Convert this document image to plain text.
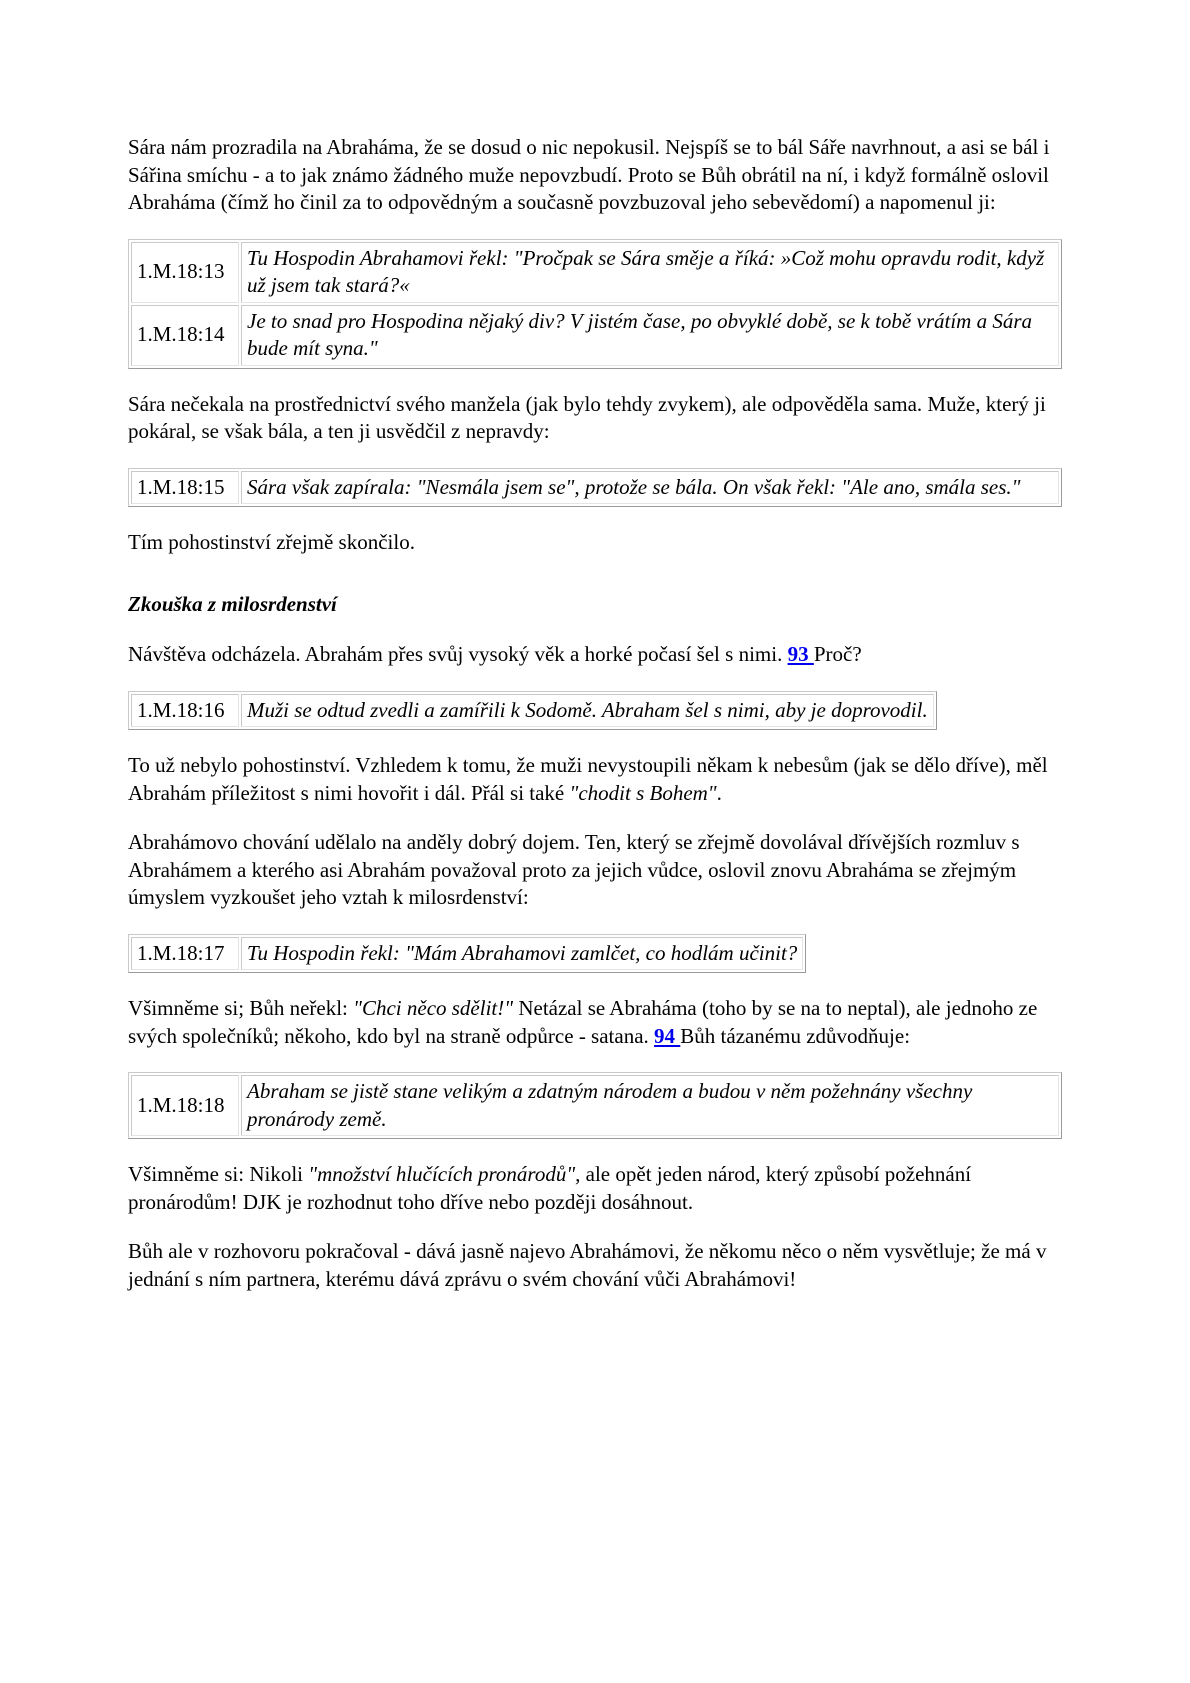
Sára nám prozradila na Abraháma, že se dosud o nic nepokusil. Nejspíš se to bál Sáře navrhnout, a asi se bál i Sářina smíchu - a to jak známo žádného muže nepovzbudí. Proto se Bůh obrátil na ní, i když formálně oslovil Abraháma (čímž ho činil za to odpovědným a současně povzbuzoval jeho sebevědomí) a napomenul ji:

1.M.18:13	Tu Hospodin Abrahamovi řekl: "Pročpak se Sára směje a říká: »Což mohu opravdu rodit, když už jsem tak stará?«
1.M.18:14	Je to snad pro Hospodina nějaký div? V jistém čase, po obvyklé době, se k tobě vrátím a Sára bude mít syna."

Sára nečekala na prostřednictví svého manžela (jak bylo tehdy zvykem), ale odpověděla sama. Muže, který ji pokáral, se však bála, a ten ji usvědčil z nepravdy:

1.M.18:15	Sára však zapírala: "Nesmála jsem se", protože se bála. On však řekl: "Ale ano, smála ses."

Tím pohostinství zřejmě skončilo.

Zkouška z milosrdenství

Návštěva odcházela. Abrahám přes svůj vysoký věk a horké počasí šel s nimi. 93 Proč?

1.M.18:16	Muži se odtud zvedli a zamířili k Sodomě. Abraham šel s nimi, aby je doprovodil.

To už nebylo pohostinství. Vzhledem k tomu, že muži nevystoupili někam k nebesům (jak se dělo dříve), měl Abrahám příležitost s nimi hovořit i dál. Přál si také "chodit s Bohem".

Abrahámovo chování udělalo na anděly dobrý dojem. Ten, který se zřejmě dovolával dřívějších rozmluv s Abrahámem a kterého asi Abrahám považoval proto za jejich vůdce, oslovil znovu Abraháma se zřejmým úmyslem vyzkoušet jeho vztah k milosrdenství:

1.M.18:17	Tu Hospodin řekl: "Mám Abrahamovi zamlčet, co hodlám učinit?

Všimněme si; Bůh neřekl: "Chci něco sdělit!" Netázal se Abraháma (toho by se na to neptal), ale jednoho ze svých společníků; někoho, kdo byl na straně odpůrce - satana. 94 Bůh tázanému zdůvodňuje:

1.M.18:18	Abraham se jistě stane velikým a zdatným národem a budou v něm požehnány všechny pronárody země.

Všimněme si: Nikoli "množství hlučících pronárodů", ale opět jeden národ, který způsobí požehnání pronárodům! DJK je rozhodnut toho dříve nebo později dosáhnout.

Bůh ale v rozhovoru pokračoval - dává jasně najevo Abrahámovi, že někomu něco o něm vysvětluje; že má v jednání s ním partnera, kterému dává zprávu o svém chování vůči Abrahámovi!
